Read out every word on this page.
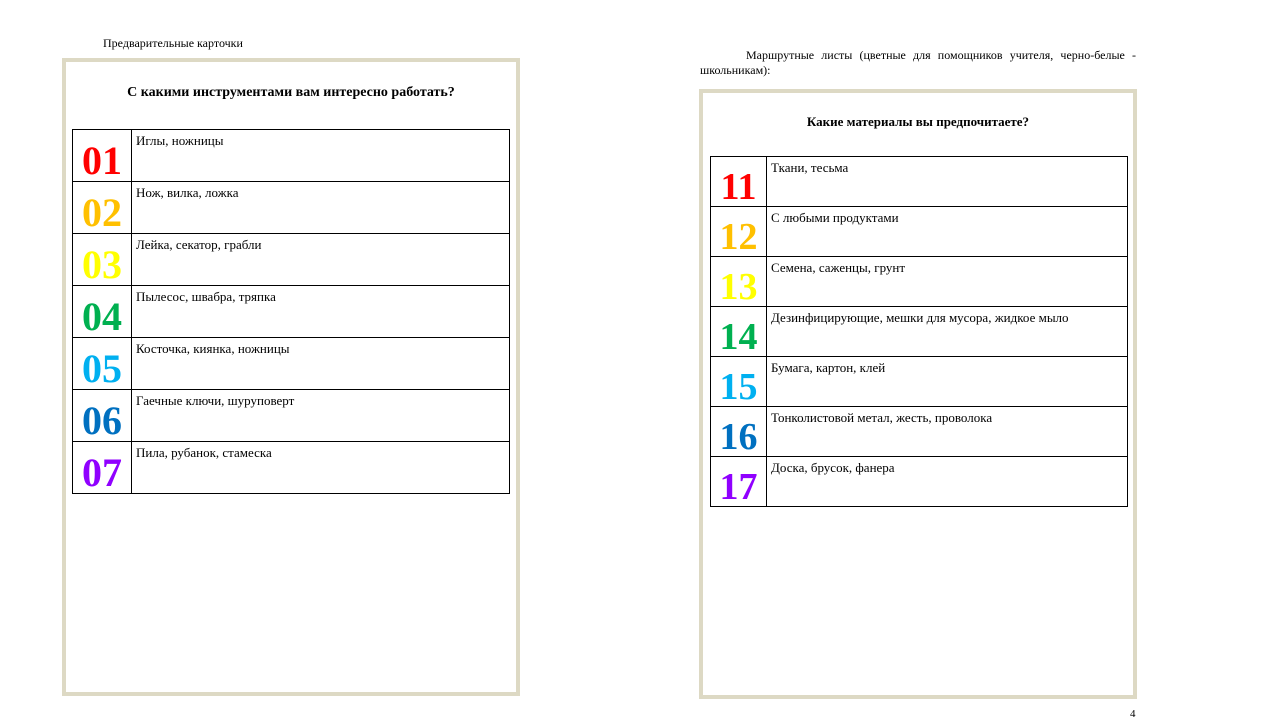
Предварительные карточки
Маршрутные листы (цветные для помощников учителя, черно-белые - школьникам):
С какими инструментами вам интересно работать?
01	Иглы, ножницы
02	Нож, вилка, ложка
03	Лейка, секатор, грабли
04	Пылесос, швабра, тряпка
05	Косточка, киянка, ножницы
06	Гаечные ключи, шуруповерт
07	Пила, рубанок, стамеска
Какие материалы вы предпочитаете?
11	Ткани, тесьма
12	С любыми продуктами
13	Семена, саженцы, грунт
14	Дезинфицирующие, мешки для мусора, жидкое мыло
15	Бумага, картон, клей
16	Тонколистовой метал, жесть, проволока
17	Доска, брусок, фанера
4
